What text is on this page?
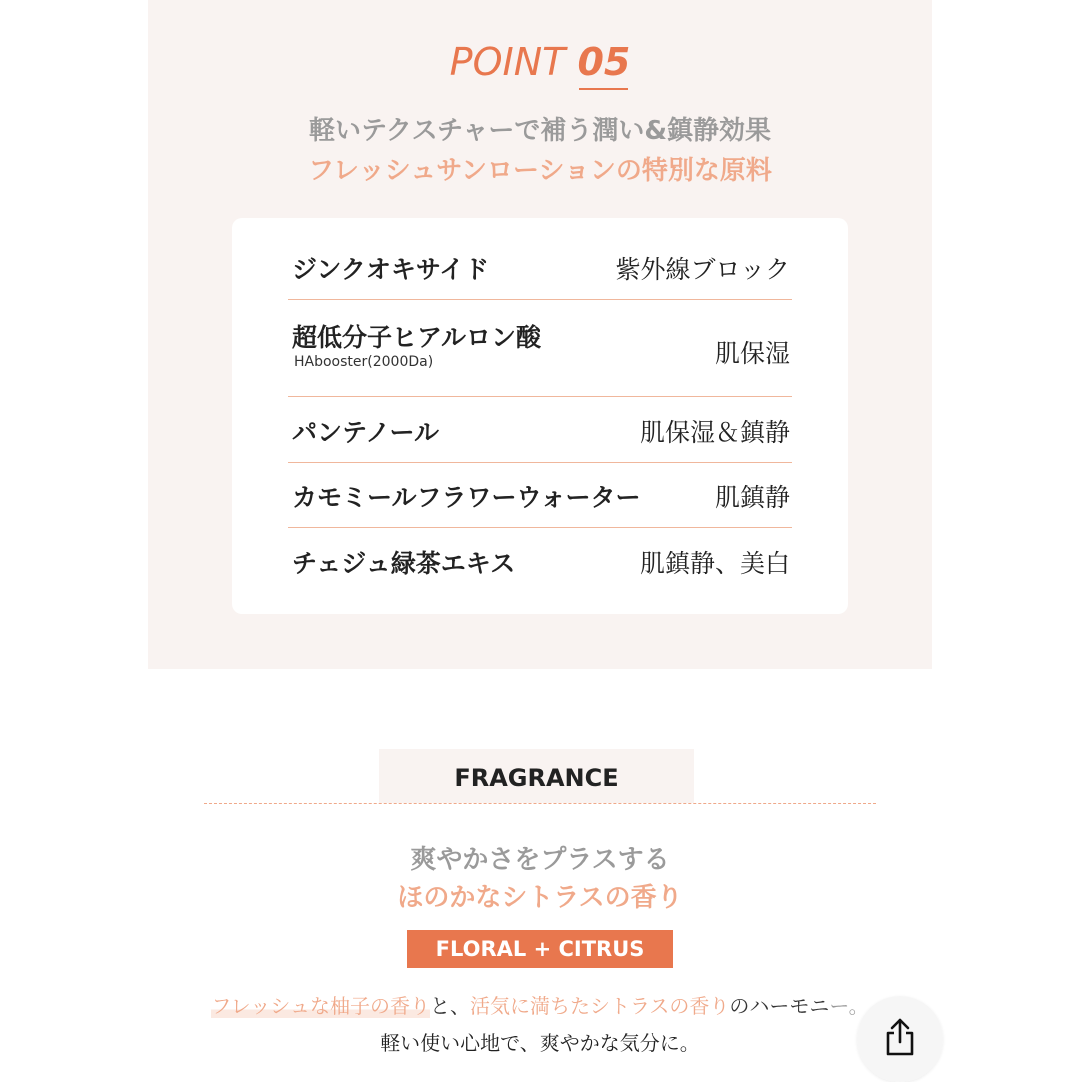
POINT 05
軽いテクスチャーで補う潤い&鎮静効果
フレッシュサンローションの特別な原料
ジンクオキサイド	紫外線ブロック
超低分子ヒアルロン酸
HAbooster(2000Da)	肌保湿
パンテノール	肌保湿＆鎮静
カモミールフラワーウォーター	肌鎮静
チェジュ緑茶エキス	肌鎮静、美白
FRAGRANCE
爽やかさをプラスする
ほのかなシトラスの香り
FLORAL + CITRUS
フレッシュな柚子の香りと、活気に満ちたシトラスの香りのハーモニー。
軽い使い心地で、爽やかな気分に。
